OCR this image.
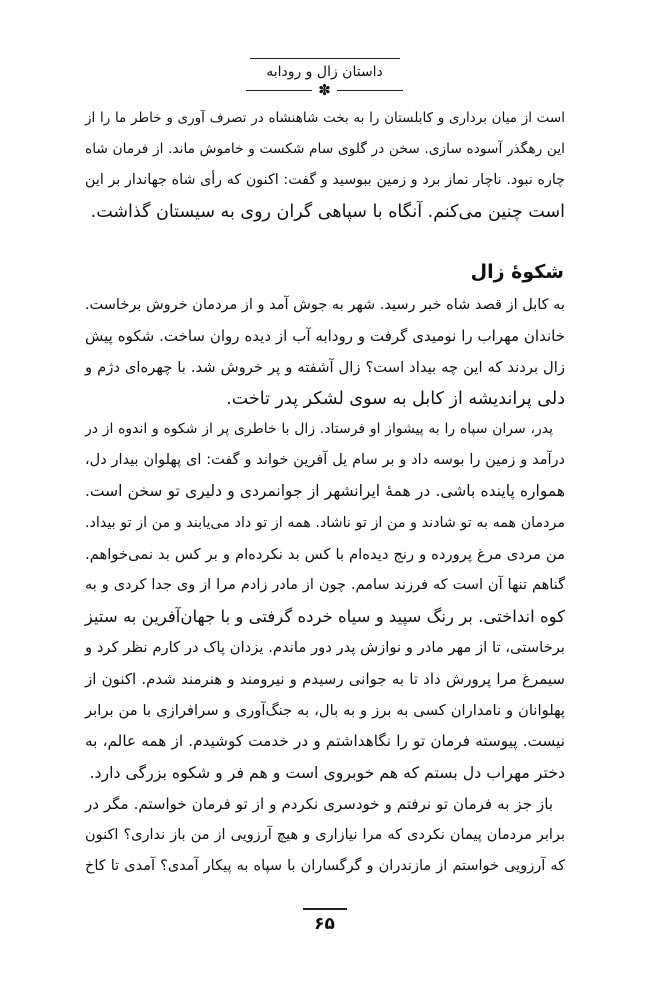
داستان زال و رودابه
✽
است از میان برداری و کابلستان را به بخت شاهنشاه در تصرف آوری و خاطر ما را از
این رهگذر آسوده سازی. سخن در گلوی سام شکست و خاموش ماند. از فرمان شاه
چاره نبود. ناچار نماز برد و زمین ببوسید و گفت: اکنون که رأی شاه جهاندار بر این
است چنین می‌کنم. آنگاه با سپاهی گران روی به سیستان گذاشت.
شکوهٔ زال
به کابل از قصد شاه خبر رسید. شهر به جوش آمد و از مردمان خروش برخاست.
خاندان مهراب را نومیدی گرفت و رودابه آب از دیده روان ساخت. شکوه پیش
زال بردند که این چه بیداد است؟ زال آشفته و پر خروش شد. با چهره‌ای دژم و
دلی پراندیشه از کابل به سوی لشکر پدر تاخت.
پدر، سران سپاه را به پیشواز او فرستاد. زال با خاطری پر از شکوه و اندوه از در
درآمد و زمین را بوسه داد و بر سام یل آفرین خواند و گفت: ای پهلوان بیدار دل،
همواره پاینده باشی. در همهٔ ایرانشهر از جوانمردی و دلیری تو سخن است.
مردمان همه به تو شادند و من از تو ناشاد. همه از تو داد می‌یابند و من از تو بیداد.
من مردی مرغ پرورده و رنج دیده‌ام با کس بد نکرده‌ام و بر کس بد نمی‌خواهم.
گناهم تنها آن است که فرزند سامم. چون از مادر زادم مرا از وی جدا کردی و به
کوه انداختی. بر رنگ سپید و سیاه خرده گرفتی و با جهان‌آفرین به ستیز
برخاستی، تا از مهر مادر و نوازش پدر دور ماندم. یزدان پاک در کارم نظر کرد و
سیمرغ مرا پرورش داد تا به جوانی رسیدم و نیرومند و هنرمند شدم. اکنون از
پهلوانان و نامداران کسی به برز و به بال، به جنگ‌آوری و سرافرازی با من برابر
نیست. پیوسته فرمان تو را نگاهداشتم و در خدمت کوشیدم. از همه عالم، به
دختر مهراب دل بستم که هم خوبروی است و هم فر و شکوه بزرگی دارد.
باز جز به فرمان تو نرفتم و خودسری نکردم و از تو فرمان خواستم. مگر در
برابر مردمان پیمان نکردی که مرا نیازاری و هیچ آرزویی از من باز نداری؟ اکنون
که آرزویی خواستم از مازندران و گرگساران با سپاه به پیکار آمدی؟ آمدی تا کاخ
۶۵
